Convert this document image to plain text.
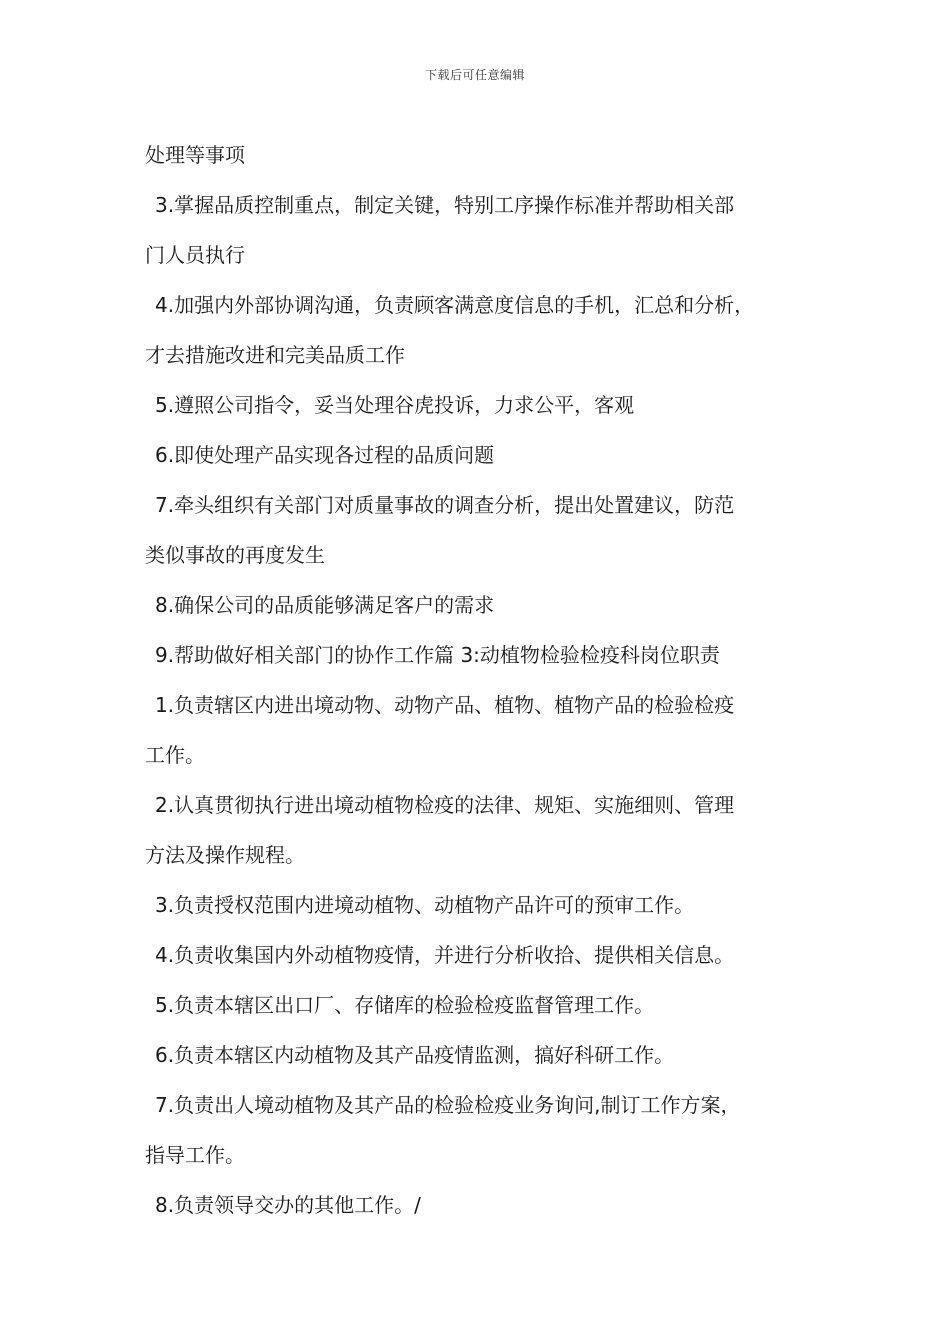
下载后可任意编辑
处理等事项
3.掌握品质控制重点，制定关键，特别工序操作标准并帮助相关部
门人员执行
4.加强内外部协调沟通，负责顾客满意度信息的手机，汇总和分析，
才去措施改进和完美品质工作
5.遵照公司指令，妥当处理谷虎投诉，力求公平，客观
6.即使处理产品实现各过程的品质问题
7.牵头组织有关部门对质量事故的调查分析，提出处置建议，防范
类似事故的再度发生
8.确保公司的品质能够满足客户的需求
9.帮助做好相关部门的协作工作篇 3:动植物检验检疫科岗位职责
1.负责辖区内进出境动物、动物产品、植物、植物产品的检验检疫
工作。
2.认真贯彻执行进出境动植物检疫的法律、规矩、实施细则、管理
方法及操作规程。
3.负责授权范围内进境动植物、动植物产品许可的预审工作。
4.负责收集国内外动植物疫情，并进行分析收拾、提供相关信息。
5.负责本辖区出口厂、存储库的检验检疫监督管理工作。
6.负责本辖区内动植物及其产品疫情监测，搞好科研工作。
7.负责出人境动植物及其产品的检验检疫业务询问,制订工作方案，
指导工作。
8.负责领导交办的其他工作。/
